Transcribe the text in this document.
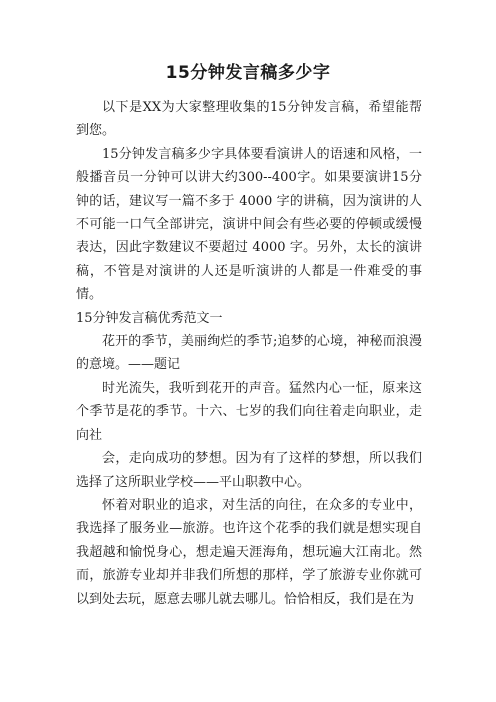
15分钟发言稿多少字

以下是XX为大家整理收集的15分钟发言稿，希望能帮到您。

15分钟发言稿多少字具体要看演讲人的语速和风格，一般播音员一分钟可以讲大约300--400字。如果要演讲15分钟的话，建议写一篇不多于 4000 字的讲稿，因为演讲的人不可能一口气全部讲完，演讲中间会有些必要的停顿或缓慢表达，因此字数建议不要超过 4000 字。另外，太长的演讲稿，不管是对演讲的人还是听演讲的人都是一件难受的事情。

15分钟发言稿优秀范文一

花开的季节，美丽绚烂的季节;追梦的心境，神秘而浪漫的意境。——题记

时光流失，我听到花开的声音。猛然内心一怔，原来这个季节是花的季节。十六、七岁的我们向往着走向职业，走向社

会，走向成功的梦想。因为有了这样的梦想，所以我们选择了这所职业学校——平山职教中心。

怀着对职业的追求，对生活的向往，在众多的专业中，我选择了服务业—旅游。也许这个花季的我们就是想实现自我超越和愉悦身心，想走遍天涯海角，想玩遍大江南北。然而，旅游专业却并非我们所想的那样，学了旅游专业你就可以到处去玩，愿意去哪儿就去哪儿。恰恰相反，我们是在为
